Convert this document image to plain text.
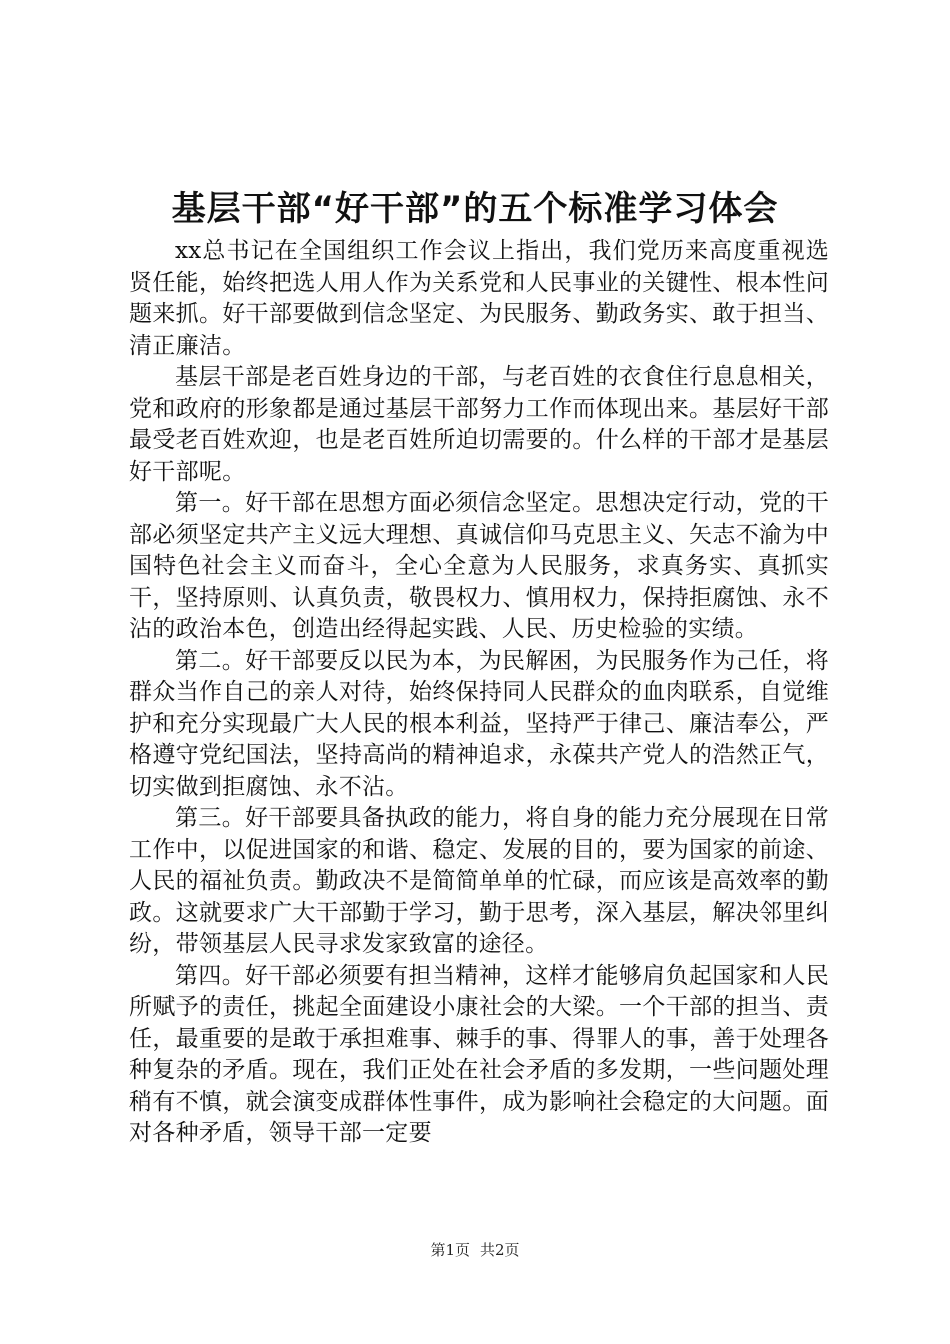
基层干部“好干部”的五个标准学习体会

xx总书记在全国组织工作会议上指出，我们党历来高度重视选贤任能，始终把选人用人作为关系党和人民事业的关键性、根本性问题来抓。好干部要做到信念坚定、为民服务、勤政务实、敢于担当、清正廉洁。

基层干部是老百姓身边的干部，与老百姓的衣食住行息息相关，党和政府的形象都是通过基层干部努力工作而体现出来。基层好干部最受老百姓欢迎，也是老百姓所迫切需要的。什么样的干部才是基层好干部呢。

第一。好干部在思想方面必须信念坚定。思想决定行动，党的干部必须坚定共产主义远大理想、真诚信仰马克思主义、矢志不渝为中国特色社会主义而奋斗，全心全意为人民服务，求真务实、真抓实干，坚持原则、认真负责，敬畏权力、慎用权力，保持拒腐蚀、永不沾的政治本色，创造出经得起实践、人民、历史检验的实绩。

第二。好干部要反以民为本，为民解困，为民服务作为己任，将群众当作自己的亲人对待，始终保持同人民群众的血肉联系，自觉维护和充分实现最广大人民的根本利益，坚持严于律己、廉洁奉公，严格遵守党纪国法，坚持高尚的精神追求，永葆共产党人的浩然正气，切实做到拒腐蚀、永不沾。

第三。好干部要具备执政的能力，将自身的能力充分展现在日常工作中，以促进国家的和谐、稳定、发展的目的，要为国家的前途、人民的福祉负责。勤政决不是简简单单的忙碌，而应该是高效率的勤政。这就要求广大干部勤于学习，勤于思考，深入基层，解决邻里纠纷，带领基层人民寻求发家致富的途径。

第四。好干部必须要有担当精神，这样才能够肩负起国家和人民所赋予的责任，挑起全面建设小康社会的大梁。一个干部的担当、责任，最重要的是敢于承担难事、棘手的事、得罪人的事，善于处理各种复杂的矛盾。现在，我们正处在社会矛盾的多发期，一些问题处理稍有不慎，就会演变成群体性事件，成为影响社会稳定的大问题。面对各种矛盾，领导干部一定要

第1页 共2页
